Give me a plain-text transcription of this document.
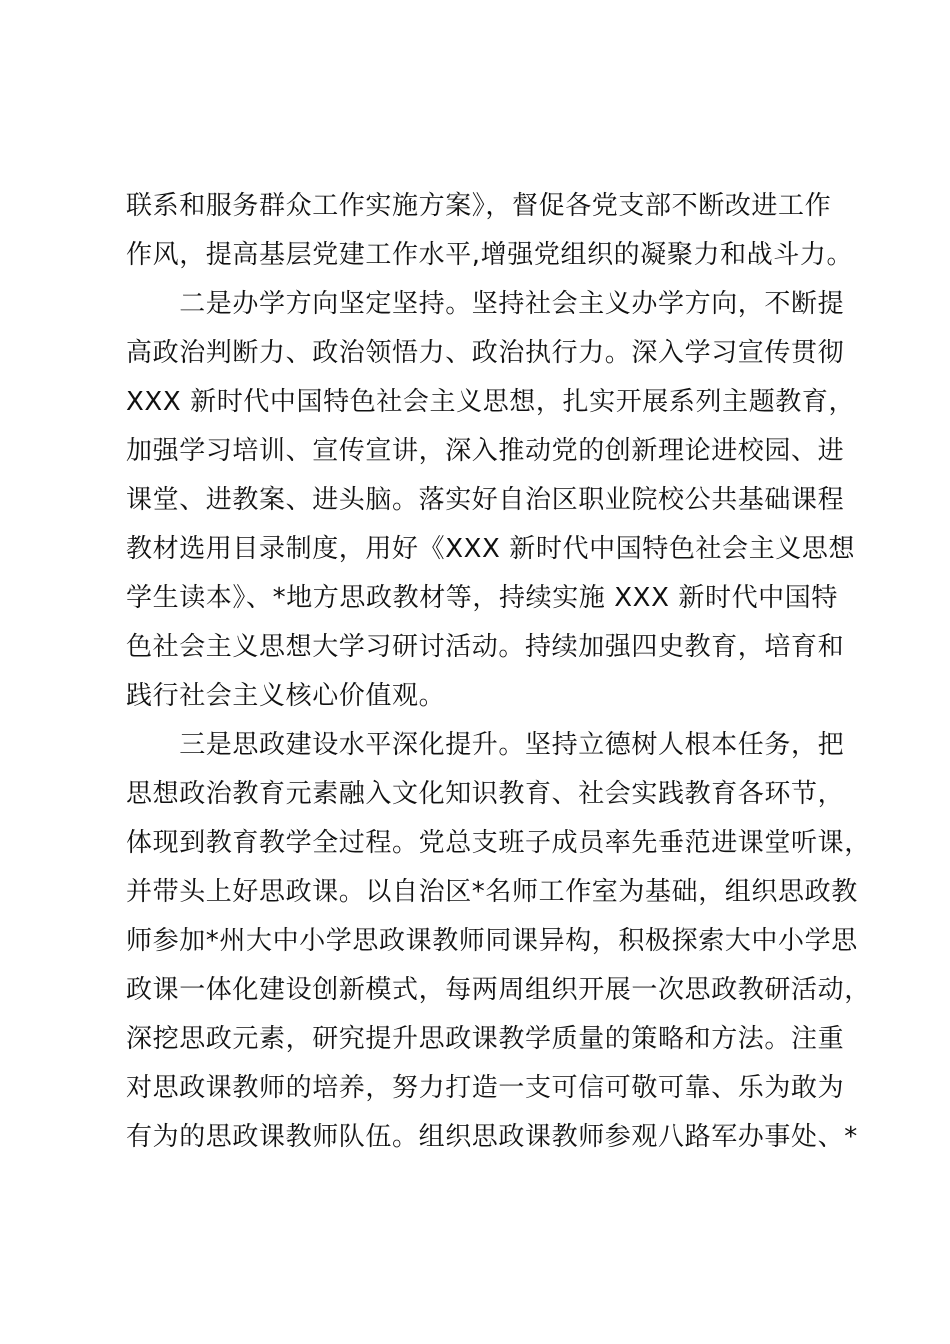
联系和服务群众工作实施方案》，督促各党支部不断改进工作
作风，提高基层党建工作水平,增强党组织的凝聚力和战斗力。
　　二是办学方向坚定坚持。坚持社会主义办学方向，不断提
高政治判断力、政治领悟力、政治执行力。深入学习宣传贯彻
XXX 新时代中国特色社会主义思想，扎实开展系列主题教育，
加强学习培训、宣传宣讲，深入推动党的创新理论进校园、进
课堂、进教案、进头脑。落实好自治区职业院校公共基础课程
教材选用目录制度，用好《XXX 新时代中国特色社会主义思想
学生读本》、*地方思政教材等，持续实施 XXX 新时代中国特
色社会主义思想大学习研讨活动。持续加强四史教育，培育和
践行社会主义核心价值观。
　　三是思政建设水平深化提升。坚持立德树人根本任务，把
思想政治教育元素融入文化知识教育、社会实践教育各环节，
体现到教育教学全过程。党总支班子成员率先垂范进课堂听课，
并带头上好思政课。以自治区*名师工作室为基础，组织思政教
师参加*州大中小学思政课教师同课异构，积极探索大中小学思
政课一体化建设创新模式，每两周组织开展一次思政教研活动，
深挖思政元素，研究提升思政课教学质量的策略和方法。注重
对思政课教师的培养，努力打造一支可信可敬可靠、乐为敢为
有为的思政课教师队伍。组织思政课教师参观八路军办事处、*
